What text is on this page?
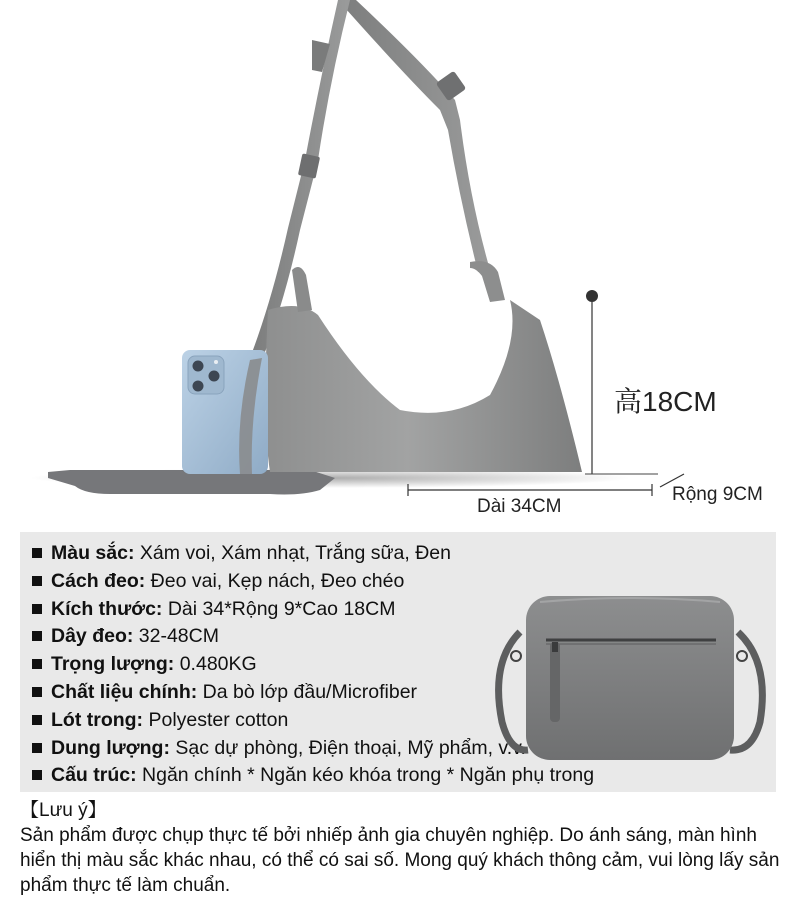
高18CM
Dài 34CM
Rộng 9CM
Màu sắc: Xám voi, Xám nhạt, Trắng sữa, Đen
Cách đeo: Đeo vai, Kẹp nách, Đeo chéo
Kích thước: Dài 34*Rộng 9*Cao 18CM
Dây đeo: 32-48CM
Trọng lượng: 0.480KG
Chất liệu chính: Da bò lớp đầu/Microfiber
Lót trong: Polyester cotton
Dung lượng: Sạc dự phòng, Điện thoại, Mỹ phẩm, v.v.
Cấu trúc: Ngăn chính * Ngăn kéo khóa trong * Ngăn phụ trong
【Lưu ý】
Sản phẩm được chụp thực tế bởi nhiếp ảnh gia chuyên nghiệp. Do ánh sáng, màn hình hiển thị màu sắc khác nhau, có thể có sai số. Mong quý khách thông cảm, vui lòng lấy sản phẩm thực tế làm chuẩn.
